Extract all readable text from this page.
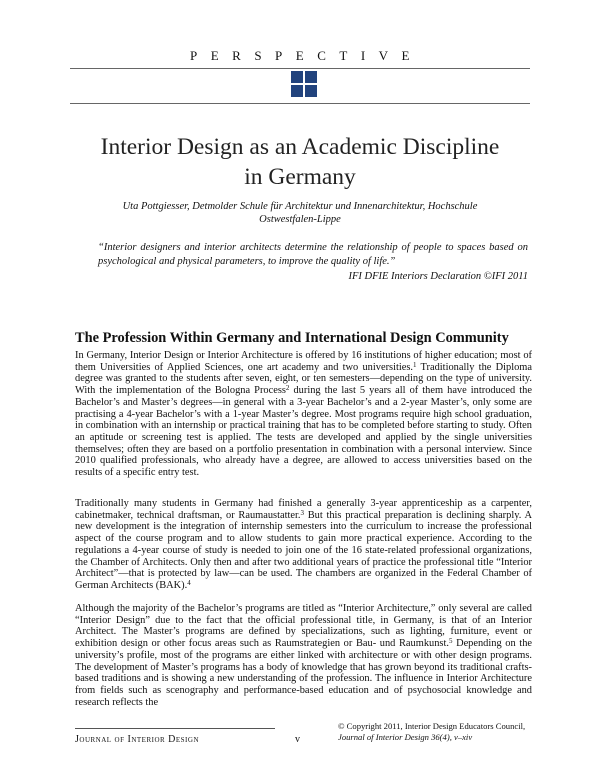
PERSPECTIVE
Interior Design as an Academic Discipline
in Germany
Uta Pottgiesser, Detmolder Schule für Architektur und Innenarchitektur, Hochschule
Ostwestfalen-Lippe
“Interior designers and interior architects determine the relationship of people to spaces based on psychological and physical parameters, to improve the quality of life.”
IFI DFIE Interiors Declaration ©IFI 2011
The Profession Within Germany and International Design Community

In Germany, Interior Design or Interior Architecture is offered by 16 institutions of higher education; most of them Universities of Applied Sciences, one art academy and two universities.$^1$ Traditionally the Diploma degree was granted to the students after seven, eight, or ten semesters—depending on the type of university. With the implementation of the Bologna Process$^2$ during the last 5 years all of them have introduced the Bachelor’s and Master’s degrees—in general with a 3-year Bachelor’s and a 2-year Master’s, only some are practising a 4-year Bachelor’s with a 1-year Master’s degree. Most programs require high school graduation, in combination with an internship or practical training that has to be completed before starting to study. Often an aptitude or screening test is applied. The tests are developed and applied by the single universities themselves; often they are based on a portfolio presentation in combination with a personal interview. Since 2010 qualified professionals, who already have a degree, are allowed to access universities based on the results of a specific entry test.

Traditionally many students in Germany had finished a generally 3-year apprenticeship as a carpenter, cabinetmaker, technical draftsman, or Raumaustatter.$^3$ But this practical preparation is declining sharply. A new development is the integration of internship semesters into the curriculum to increase the professional aspect of the course program and to allow students to gain more practical experience. According to the regulations a 4-year course of study is needed to join one of the 16 state-related professional organizations, the Chamber of Architects. Only then and after two additional years of practice the professional title “Interior Architect”—that is protected by law—can be used. The chambers are organized in the Federal Chamber of German Architects (BAK).$^4$

Although the majority of the Bachelor’s programs are titled as “Interior Architecture,” only several are called “Interior Design” due to the fact that the official professional title, in Germany, is that of an Interior Architect. The Master’s programs are defined by specializations, such as lighting, furniture, event or exhibition design or other focus areas such as Raumstrategien or Bau- und Raumkunst.$^5$ Depending on the university’s profile, most of the programs are either linked with architecture or with other design programs. The development of Master’s programs has a body of knowledge that has grown beyond its traditional crafts-based traditions and is showing a new understanding of the profession. The influence in Interior Architecture from fields such as scenography and performance-based education and of psychosocial knowledge and research reflects the

Journal of Interior Design	v
© Copyright 2011, Interior Design Educators Council,
Journal of Interior Design 36(4), v–xiv
